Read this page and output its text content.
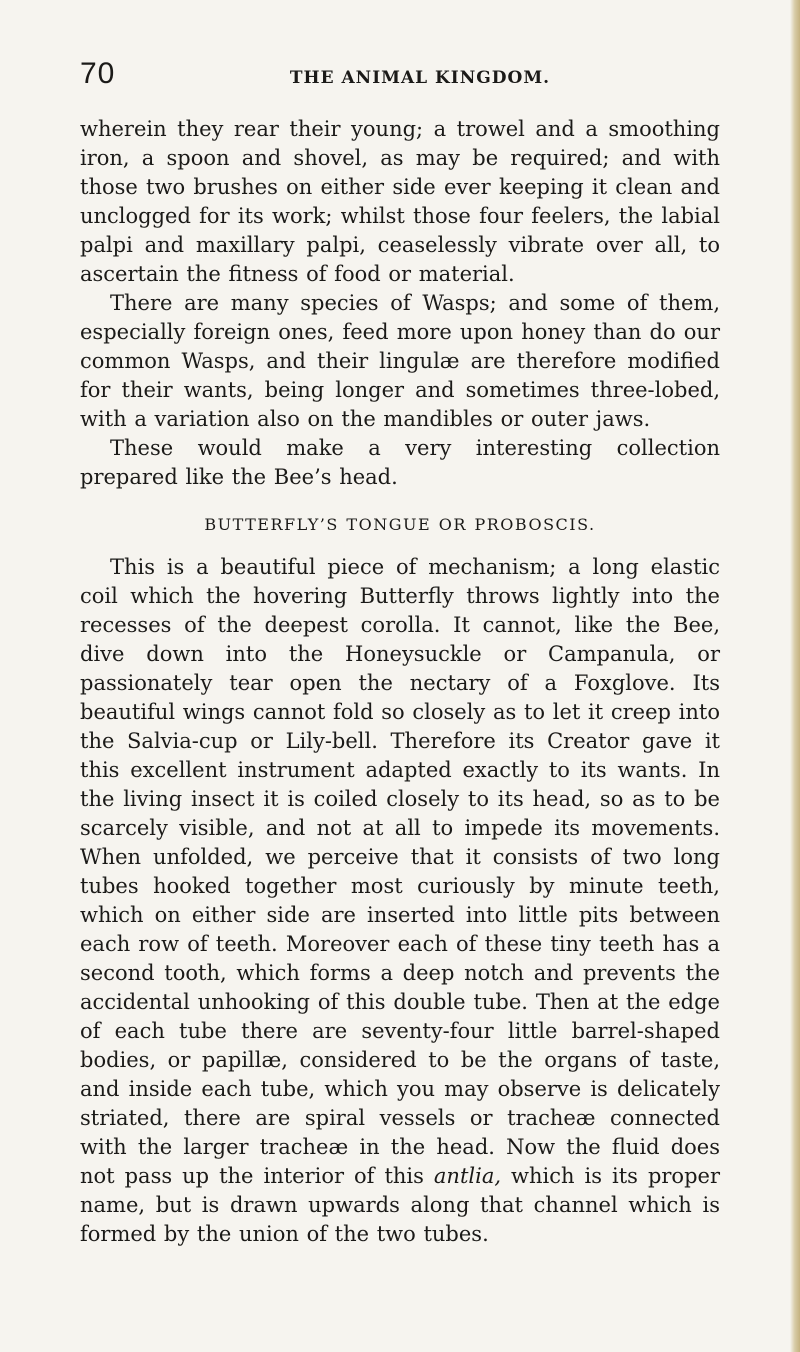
70	THE ANIMAL KINGDOM.

wherein they rear their young; a trowel and a smoothing iron, a spoon and shovel, as may be required; and with those two brushes on either side ever keeping it clean and unclogged for its work; whilst those four feelers, the labial palpi and maxillary palpi, ceaselessly vibrate over all, to ascertain the fitness of food or material.

There are many species of Wasps; and some of them, especially foreign ones, feed more upon honey than do our common Wasps, and their lingulæ are therefore modified for their wants, being longer and sometimes three-lobed, with a variation also on the mandibles or outer jaws.

These would make a very interesting collection prepared like the Bee’s head.

BUTTERFLY’S TONGUE OR PROBOSCIS.

This is a beautiful piece of mechanism; a long elastic coil which the hovering Butterfly throws lightly into the recesses of the deepest corolla. It cannot, like the Bee, dive down into the Honeysuckle or Campanula, or passionately tear open the nectary of a Foxglove. Its beautiful wings cannot fold so closely as to let it creep into the Salvia-cup or Lily-bell. Therefore its Creator gave it this excellent instrument adapted exactly to its wants. In the living insect it is coiled closely to its head, so as to be scarcely visible, and not at all to impede its movements. When unfolded, we perceive that it consists of two long tubes hooked together most curiously by minute teeth, which on either side are inserted into little pits between each row of teeth. Moreover each of these tiny teeth has a second tooth, which forms a deep notch and prevents the accidental unhooking of this double tube. Then at the edge of each tube there are seventy-four little barrel-shaped bodies, or papillæ, considered to be the organs of taste, and inside each tube, which you may observe is delicately striated, there are spiral vessels or tracheæ connected with the larger tracheæ in the head. Now the fluid does not pass up the interior of this antlia, which is its proper name, but is drawn upwards along that channel which is formed by the union of the two tubes.
